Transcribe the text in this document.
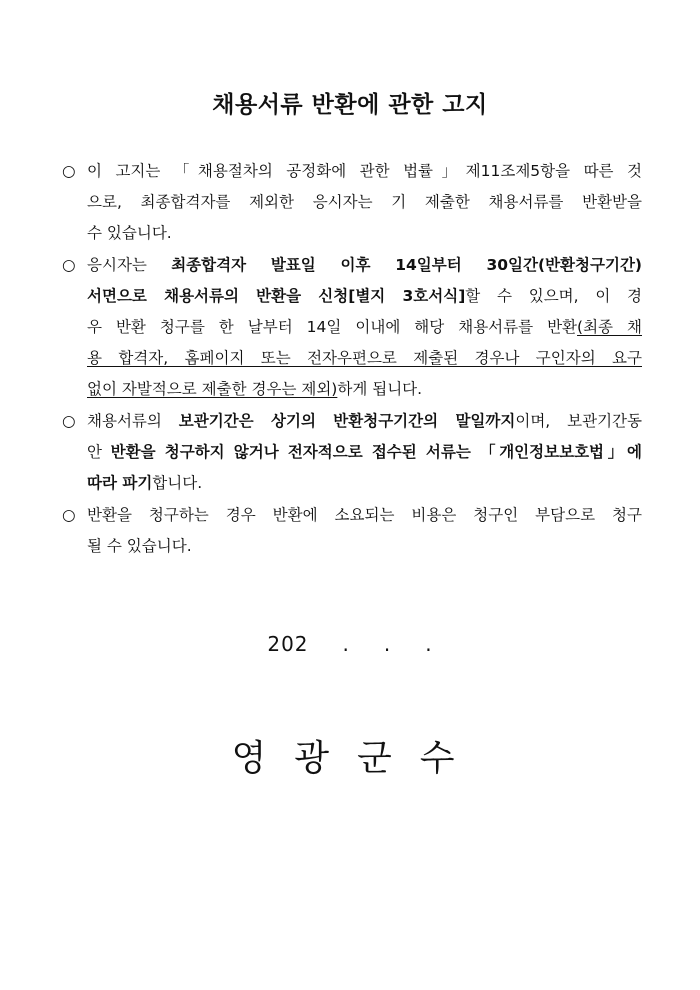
채용서류 반환에 관한 고지
○ 이 고지는 「채용절차의 공정화에 관한 법률」제11조제5항을 따른 것
으로, 최종합격자를 제외한 응시자는 기 제출한 채용서류를 반환받을
수 있습니다.
○ 응시자는 최종합격자 발표일 이후 14일부터 30일간(반환청구기간)
서면으로 채용서류의 반환을 신청[별지 3호서식]할 수 있으며, 이 경
우 반환 청구를 한 날부터 14일 이내에 해당 채용서류를 반환(최종 채
용 합격자, 홈페이지 또는 전자우편으로 제출된 경우나 구인자의 요구
없이 자발적으로 제출한 경우는 제외)하게 됩니다.
○ 채용서류의 보관기간은 상기의 반환청구기간의 말일까지이며, 보관기간동
안 반환을 청구하지 않거나 전자적으로 접수된 서류는 「개인정보보호법」에
따라 파기합니다.
○ 반환을 청구하는 경우 반환에 소요되는 비용은 청구인 부담으로 청구
될 수 있습니다.
202 . . .
영광군수
